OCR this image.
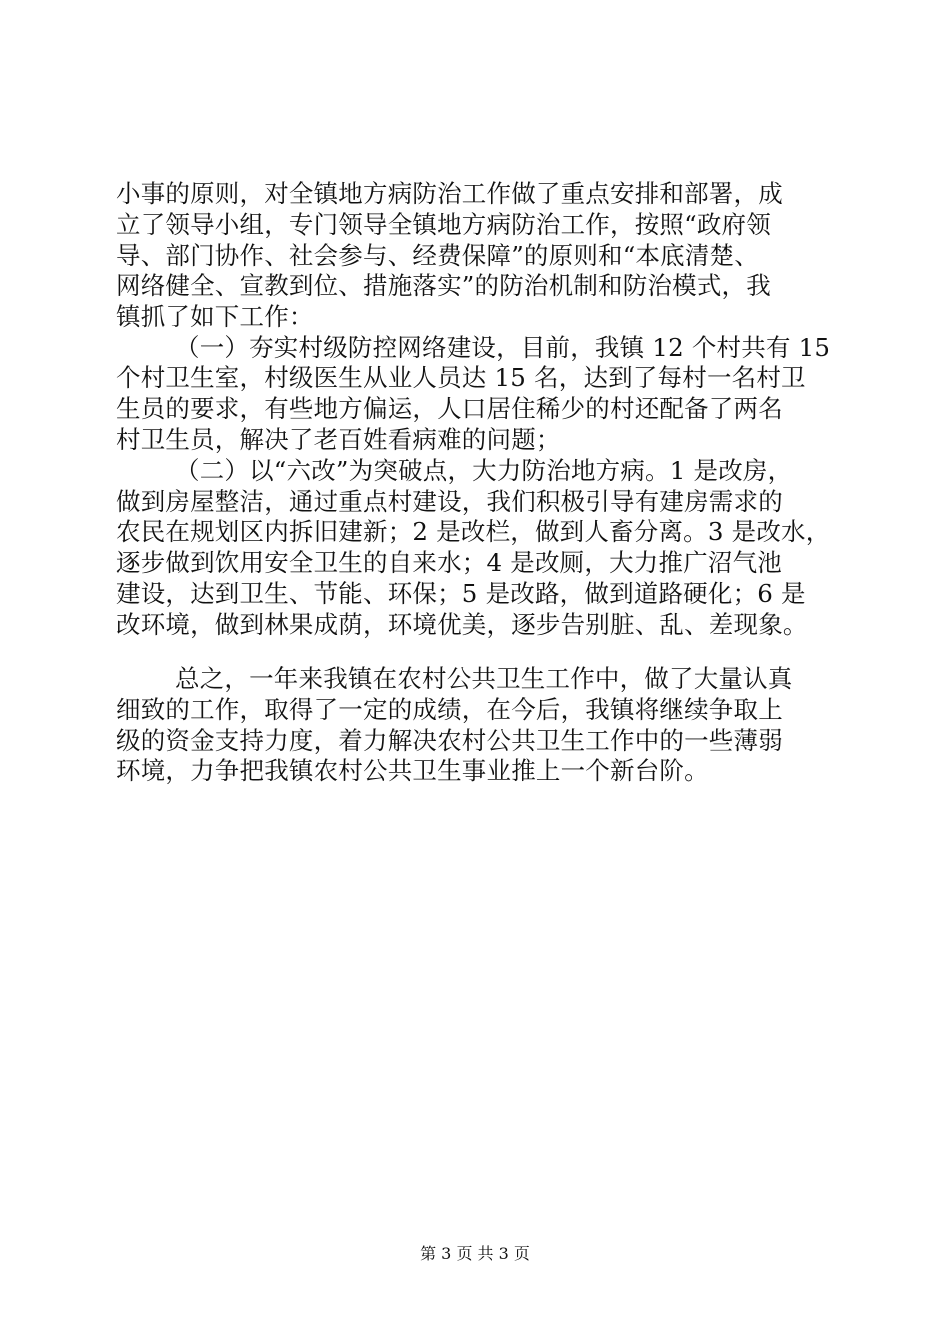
小事的原则，对全镇地方病防治工作做了重点安排和部署，成
立了领导小组，专门领导全镇地方病防治工作，按照“政府领
导、部门协作、社会参与、经费保障”的原则和“本底清楚、
网络健全、宣教到位、措施落实”的防治机制和防治模式，我
镇抓了如下工作：
（一）夯实村级防控网络建设，目前，我镇 12 个村共有 15
个村卫生室，村级医生从业人员达 15 名，达到了每村一名村卫
生员的要求，有些地方偏运，人口居住稀少的村还配备了两名
村卫生员，解决了老百姓看病难的问题；
（二）以“六改”为突破点，大力防治地方病。1 是改房，
做到房屋整洁，通过重点村建设，我们积极引导有建房需求的
农民在规划区内拆旧建新；2 是改栏，做到人畜分离。3 是改水，
逐步做到饮用安全卫生的自来水；4 是改厕，大力推广沼气池
建设，达到卫生、节能、环保；5 是改路，做到道路硬化；6 是
改环境，做到林果成荫，环境优美，逐步告别脏、乱、差现象。
总之，一年来我镇在农村公共卫生工作中，做了大量认真
细致的工作，取得了一定的成绩，在今后，我镇将继续争取上
级的资金支持力度，着力解决农村公共卫生工作中的一些薄弱
环境，力争把我镇农村公共卫生事业推上一个新台阶。
第 3 页 共 3 页
